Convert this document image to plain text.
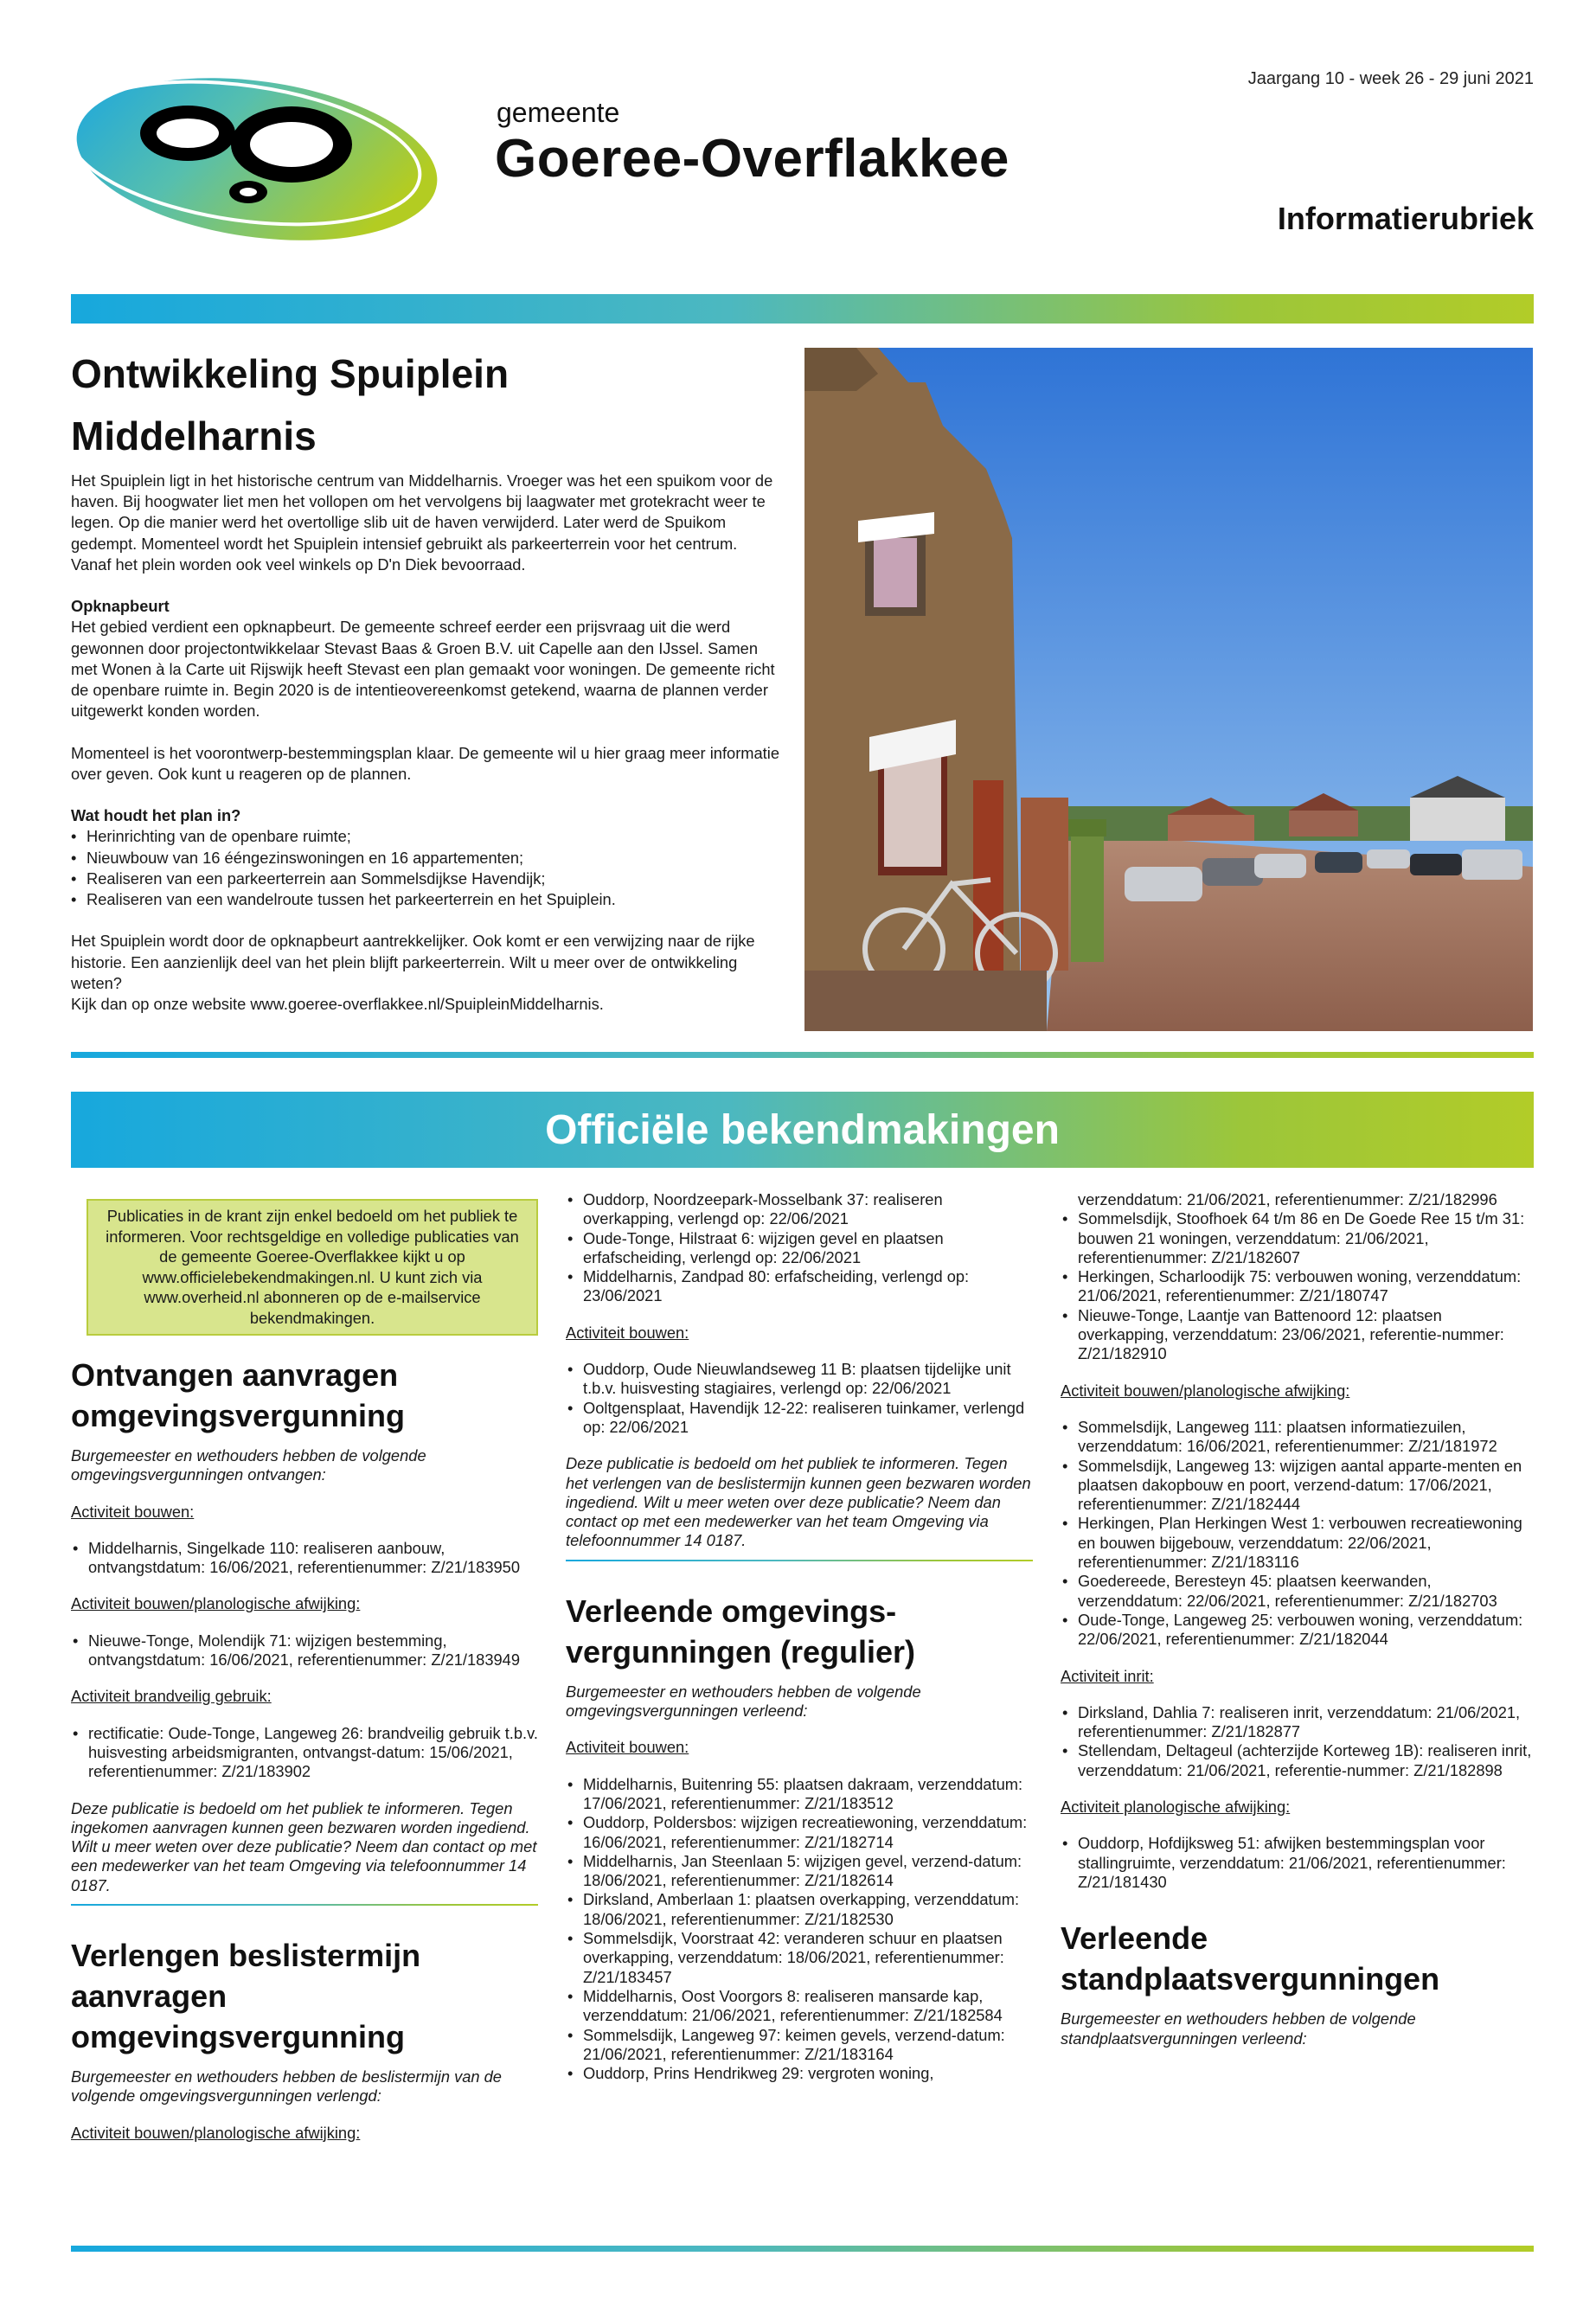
Jaargang 10 - week 26 - 29 juni 2021
gemeente
Goeree-Overflakkee
Informatierubriek
Ontwikkeling Spuiplein
Middelharnis

Het Spuiplein ligt in het historische centrum van Middelharnis. Vroeger was het een spuikom voor de haven. Bij hoogwater liet men het vollopen om het vervolgens bij laagwater met grotekracht weer te legen. Op die manier werd het overtollige slib uit de haven verwijderd. Later werd de Spuikom gedempt. Momenteel wordt het Spuiplein intensief gebruikt als parkeerterrein voor het centrum. Vanaf het plein worden ook veel winkels op D'n Diek bevoorraad.

Opknapbeurt
Het gebied verdient een opknapbeurt. De gemeente schreef eerder een prijsvraag uit die werd gewonnen door projectontwikkelaar Stevast Baas & Groen B.V. uit Capelle aan den IJssel. Samen met Wonen à la Carte uit Rijswijk heeft Stevast een plan gemaakt voor woningen. De gemeente richt de openbare ruimte in. Begin 2020 is de intentieovereenkomst getekend, waarna de plannen verder uitgewerkt konden worden.

Momenteel is het voorontwerp-bestemmingsplan klaar. De gemeente wil u hier graag meer informatie over geven. Ook kunt u reageren op de plannen.

Wat houdt het plan in?

• Herinrichting van de openbare ruimte;
• Nieuwbouw van 16 ééngezinswoningen en 16 appartementen;
• Realiseren van een parkeerterrein aan Sommelsdijkse Havendijk;
• Realiseren van een wandelroute tussen het parkeerterrein en het Spuiplein.

Het Spuiplein wordt door de opknapbeurt aantrekkelijker. Ook komt er een verwijzing naar de rijke historie. Een aanzienlijk deel van het plein blijft parkeerterrein. Wilt u meer over de ontwikkeling weten?

Kijk dan op onze website www.goeree-overflakkee.nl/SpuipleinMiddelharnis.

Officiële bekendmakingen
Publicaties in de krant zijn enkel bedoeld om het publiek te informeren. Voor rechtsgeldige en volledige publicaties van de gemeente Goeree-Overflakkee kijkt u op www.officielebekendmakingen.nl. U kunt zich via www.overheid.nl abonneren op de e-mailservice bekendmakingen.
Ontvangen aanvragen omgevingsvergunning

Burgemeester en wethouders hebben de volgende omgevingsvergunningen ontvangen:

Activiteit bouwen:

• Middelharnis, Singelkade 110: realiseren aanbouw, ontvangstdatum: 16/06/2021, referentienummer: Z/21/183950

Activiteit bouwen/planologische afwijking:

• Nieuwe-Tonge, Molendijk 71: wijzigen bestemming, ontvangstdatum: 16/06/2021, referentienummer: Z/21/183949

Activiteit brandveilig gebruik:

• rectificatie: Oude-Tonge, Langeweg 26: brandveilig gebruik t.b.v. huisvesting arbeidsmigranten, ontvangst-datum: 15/06/2021, referentienummer: Z/21/183902

Deze publicatie is bedoeld om het publiek te informeren. Tegen ingekomen aanvragen kunnen geen bezwaren worden ingediend. Wilt u meer weten over deze publicatie? Neem dan contact op met een medewerker van het team Omgeving via telefoonnummer 14 0187.

Verlengen beslistermijn aanvragen omgevingsvergunning

Burgemeester en wethouders hebben de beslistermijn van de volgende omgevingsvergunningen verlengd:

Activiteit bouwen/planologische afwijking:

• Ouddorp, Noordzeepark-Mosselbank 37: realiseren overkapping, verlengd op: 22/06/2021
• Oude-Tonge, Hilstraat 6: wijzigen gevel en plaatsen erfafscheiding, verlengd op: 22/06/2021
• Middelharnis, Zandpad 80: erfafscheiding, verlengd op: 23/06/2021

Activiteit bouwen:

• Ouddorp, Oude Nieuwlandseweg 11 B: plaatsen tijdelijke unit t.b.v. huisvesting stagiaires, verlengd op: 22/06/2021
• Ooltgensplaat, Havendijk 12-22: realiseren tuinkamer, verlengd op: 22/06/2021

Deze publicatie is bedoeld om het publiek te informeren. Tegen het verlengen van de beslistermijn kunnen geen bezwaren worden ingediend. Wilt u meer weten over deze publicatie? Neem dan contact op met een medewerker van het team Omgeving via telefoonnummer 14 0187.

Verleende omgevings-vergunningen (regulier)

Burgemeester en wethouders hebben de volgende omgevingsvergunningen verleend:

Activiteit bouwen:

• Middelharnis, Buitenring 55: plaatsen dakraam, verzenddatum: 17/06/2021, referentienummer: Z/21/183512
• Ouddorp, Poldersbos: wijzigen recreatiewoning, verzenddatum: 16/06/2021, referentienummer: Z/21/182714
• Middelharnis, Jan Steenlaan 5: wijzigen gevel, verzend-datum: 18/06/2021, referentienummer: Z/21/182614
• Dirksland, Amberlaan 1: plaatsen overkapping, verzenddatum: 18/06/2021, referentienummer: Z/21/182530
• Sommelsdijk, Voorstraat 42: veranderen schuur en plaatsen overkapping, verzenddatum: 18/06/2021, referentienummer: Z/21/183457
• Middelharnis, Oost Voorgors 8: realiseren mansarde kap, verzenddatum: 21/06/2021, referentienummer: Z/21/182584
• Sommelsdijk, Langeweg 97: keimen gevels, verzend-datum: 21/06/2021, referentienummer: Z/21/183164
• Ouddorp, Prins Hendrikweg 29: vergroten woning,

verzenddatum: 21/06/2021, referentienummer: Z/21/182996

• Sommelsdijk, Stoofhoek 64 t/m 86 en De Goede Ree 15 t/m 31: bouwen 21 woningen, verzenddatum: 21/06/2021, referentienummer: Z/21/182607
• Herkingen, Scharloodijk 75: verbouwen woning, verzenddatum: 21/06/2021, referentienummer: Z/21/180747
• Nieuwe-Tonge, Laantje van Battenoord 12: plaatsen overkapping, verzenddatum: 23/06/2021, referentie-nummer: Z/21/182910

Activiteit bouwen/planologische afwijking:

• Sommelsdijk, Langeweg 111: plaatsen informatiezuilen, verzenddatum: 16/06/2021, referentienummer: Z/21/181972
• Sommelsdijk, Langeweg 13: wijzigen aantal apparte-menten en plaatsen dakopbouw en poort, verzend-datum: 17/06/2021, referentienummer: Z/21/182444
• Herkingen, Plan Herkingen West 1: verbouwen recreatiewoning en bouwen bijgebouw, verzenddatum: 22/06/2021, referentienummer: Z/21/183116
• Goedereede, Beresteyn 45: plaatsen keerwanden, verzenddatum: 22/06/2021, referentienummer: Z/21/182703
• Oude-Tonge, Langeweg 25: verbouwen woning, verzenddatum: 22/06/2021, referentienummer: Z/21/182044

Activiteit inrit:

• Dirksland, Dahlia 7: realiseren inrit, verzenddatum: 21/06/2021, referentienummer: Z/21/182877
• Stellendam, Deltageul (achterzijde Korteweg 1B): realiseren inrit, verzenddatum: 21/06/2021, referentie-nummer: Z/21/182898

Activiteit planologische afwijking:

• Ouddorp, Hofdijksweg 51: afwijken bestemmingsplan voor stallingruimte, verzenddatum: 21/06/2021, referentienummer: Z/21/181430
Verleende standplaatsvergunningen

Burgemeester en wethouders hebben de volgende standplaatsvergunningen verleend:
